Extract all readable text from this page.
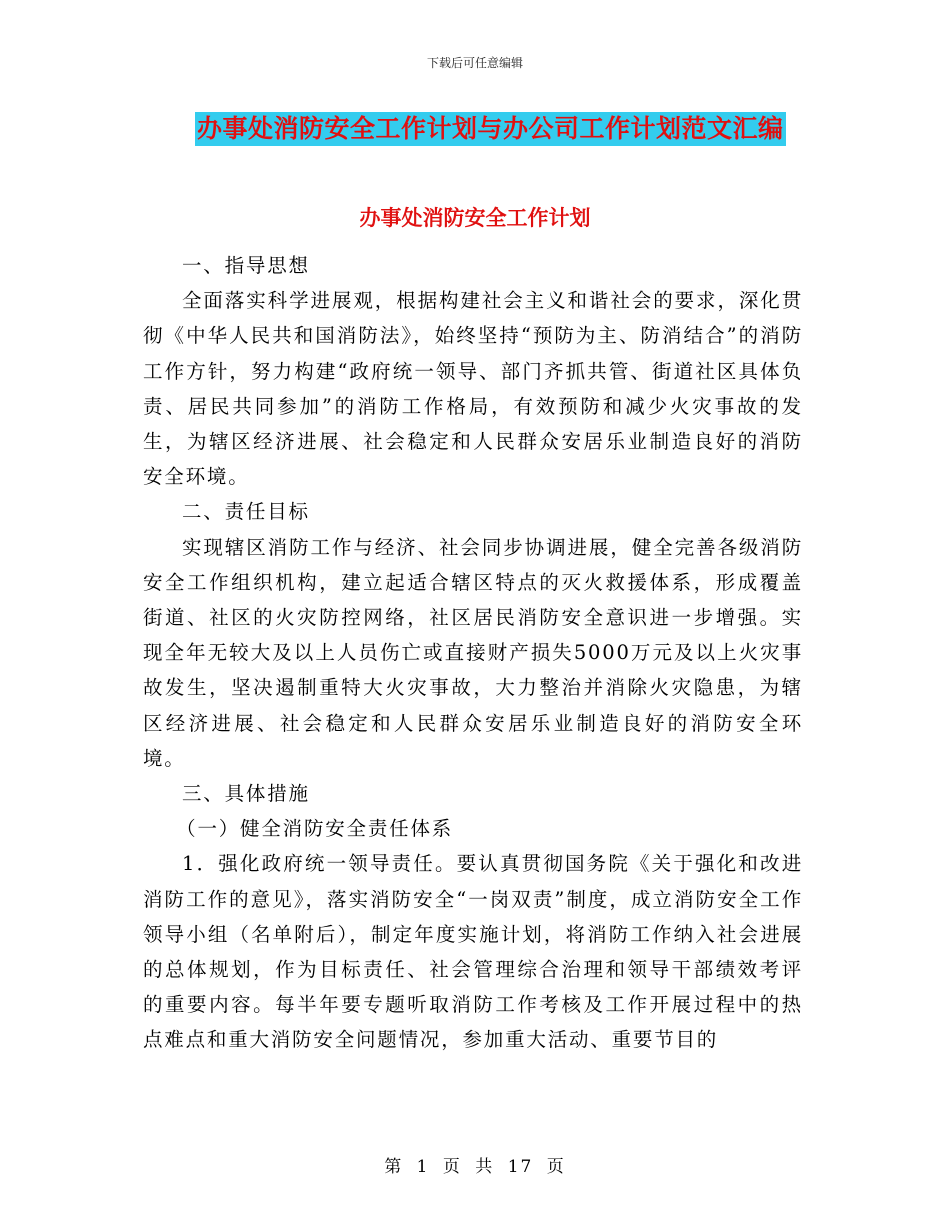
下载后可任意编辑
办事处消防安全工作计划与办公司工作计划范文汇编
办事处消防安全工作计划

一、指导思想

全面落实科学进展观，根据构建社会主义和谐社会的要求，深化贯彻《中华人民共和国消防法》，始终坚持“预防为主、防消结合”的消防工作方针，努力构建“政府统一领导、部门齐抓共管、街道社区具体负责、居民共同参加”的消防工作格局，有效预防和减少火灾事故的发生，为辖区经济进展、社会稳定和人民群众安居乐业制造良好的消防安全环境。

二、责任目标

实现辖区消防工作与经济、社会同步协调进展，健全完善各级消防安全工作组织机构，建立起适合辖区特点的灭火救援体系，形成覆盖街道、社区的火灾防控网络，社区居民消防安全意识进一步增强。实现全年无较大及以上人员伤亡或直接财产损失5000万元及以上火灾事故发生，坚决遏制重特大火灾事故，大力整治并消除火灾隐患，为辖区经济进展、社会稳定和人民群众安居乐业制造良好的消防安全环境。

三、具体措施

（一）健全消防安全责任体系

1．强化政府统一领导责任。要认真贯彻国务院《关于强化和改进消防工作的意见》，落实消防安全“一岗双责”制度，成立消防安全工作领导小组（名单附后），制定年度实施计划，将消防工作纳入社会进展的总体规划，作为目标责任、社会管理综合治理和领导干部绩效考评的重要内容。每半年要专题听取消防工作考核及工作开展过程中的热点难点和重大消防安全问题情况，参加重大活动、重要节目的

第 1 页 共 17 页
